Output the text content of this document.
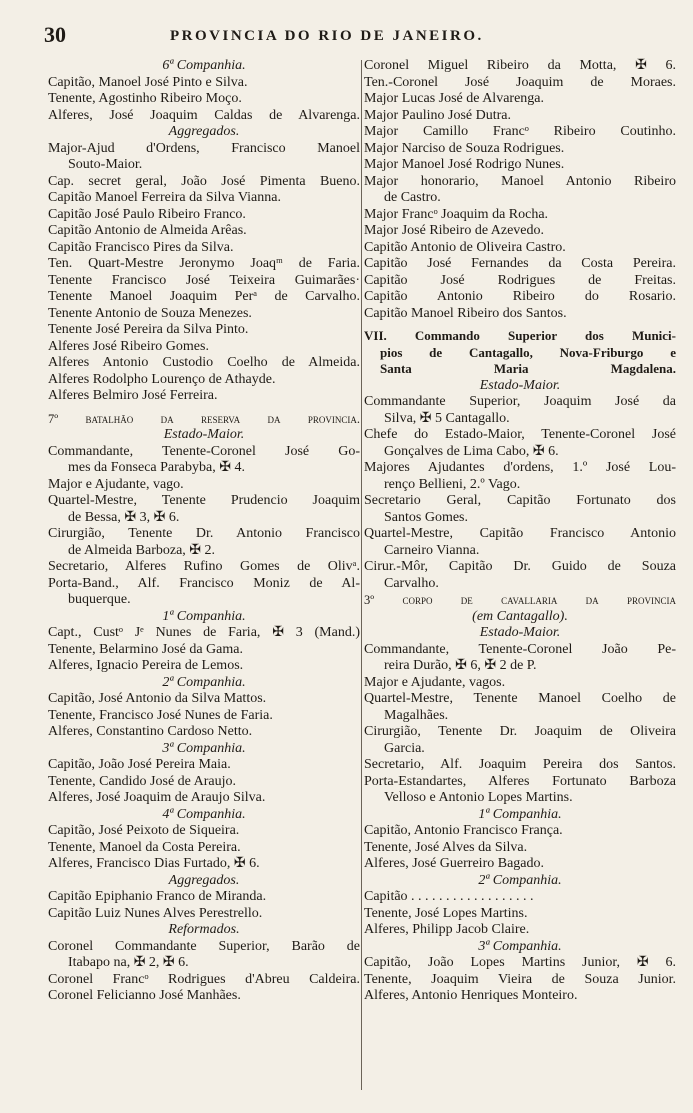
30	PROVINCIA DO RIO DE JANEIRO.
6ª Companhia.
Capitão, Manoel José Pinto e Silva.
Tenente, Agostinho Ribeiro Moço.
Alferes, José Joaquim Caldas de Alvarenga.
Aggregados.
Major-Ajud d'Ordens, Francisco Manoel
Souto-Maior.
Cap. secret geral, João José Pimenta Bueno.
Capitão Manoel Ferreira da Silva Vianna.
Capitão José Paulo Ribeiro Franco.
Capitão Antonio de Almeida Arêas.
Capitão Francisco Pires da Silva.
Ten. Quart-Mestre Jeronymo Joaqᵐ de Faria.
Tenente Francisco José Teixeira Guimarães·
Tenente Manoel Joaquim Perᵃ de Carvalho.
Tenente Antonio de Souza Menezes.
Tenente José Pereira da Silva Pinto.
Alferes José Ribeiro Gomes.
Alferes Antonio Custodio Coelho de Almeida.
Alferes Rodolpho Lourenço de Athayde.
Alferes Belmiro José Ferreira.
7º batalhão da reserva da provincia.
Estado-Maior.
Commandante, Tenente-Coronel José Go-
mes da Fonseca Parabyba, ✠ 4.
Major e Ajudante, vago.
Quartel-Mestre, Tenente Prudencio Joaquim
de Bessa, ✠ 3, ✠ 6.
Cirurgião, Tenente Dr. Antonio Francisco
de Almeida Barboza, ✠ 2.
Secretario, Alferes Rufino Gomes de Olivᵃ.
Porta-Band., Alf. Francisco Moniz de Al-
buquerque.
1ª Companhia.
Capt., Custᵒ Jᵉ Nunes de Faria, ✠ 3 (Mand.)
Tenente, Belarmino José da Gama.
Alferes, Ignacio Pereira de Lemos.
2ª Companhia.
Capitão, José Antonio da Silva Mattos.
Tenente, Francisco José Nunes de Faria.
Alferes, Constantino Cardoso Netto.
3ª Companhia.
Capitão, João José Pereira Maia.
Tenente, Candido José de Araujo.
Alferes, José Joaquim de Araujo Silva.
4ª Companhia.
Capitão, José Peixoto de Siqueira.
Tenente, Manoel da Costa Pereira.
Alferes, Francisco Dias Furtado, ✠ 6.
Aggregados.
Capitão Epiphanio Franco de Miranda.
Capitão Luiz Nunes Alves Perestrello.
Reformados.
Coronel Commandante Superior, Barão de
Itabapo na, ✠ 2, ✠ 6.
Coronel Francᵒ Rodrigues d'Abreu Caldeira.
Coronel Felicianno José Manhães.
Coronel Miguel Ribeiro da Motta, ✠ 6.
Ten.-Coronel José Joaquim de Moraes.
Major Lucas José de Alvarenga.
Major Paulino José Dutra.
Major Camillo Francᵒ Ribeiro Coutinho.
Major Narciso de Souza Rodrigues.
Major Manoel José Rodrigo Nunes.
Major honorario, Manoel Antonio Ribeiro
de Castro.
Major Francᵒ Joaquim da Rocha.
Major José Ribeiro de Azevedo.
Capitão Antonio de Oliveira Castro.
Capitão José Fernandes da Costa Pereira.
Capitão José Rodrigues de Freitas.
Capitão Antonio Ribeiro do Rosario.
Capitão Manoel Ribeiro dos Santos.
VII. Commando Superior dos Munici-
pios de Cantagallo, Nova-Friburgo e
Santa Maria Magdalena.
Estado-Maior.
Commandante Superior, Joaquim José da
Silva, ✠ 5 Cantagallo.
Chefe do Estado-Maior, Tenente-Coronel José
Gonçalves de Lima Cabo, ✠ 6.
Majores Ajudantes d'ordens, 1.º José Lou-
renço Bellieni, 2.º Vago.
Secretario Geral, Capitão Fortunato dos
Santos Gomes.
Quartel-Mestre, Capitão Francisco Antonio
Carneiro Vianna.
Cirur.-Môr, Capitão Dr. Guido de Souza
Carvalho.
3º corpo de cavallaria da provincia
(em Cantagallo).
Estado-Maior.
Commandante, Tenente-Coronel João Pe-
reira Durão, ✠ 6, ✠ 2 de P.
Major e Ajudante, vagos.
Quartel-Mestre, Tenente Manoel Coelho de
Magalhães.
Cirurgião, Tenente Dr. Joaquim de Oliveira
Garcia.
Secretario, Alf. Joaquim Pereira dos Santos.
Porta-Estandartes, Alferes Fortunato Barboza
Velloso e Antonio Lopes Martins.
1ª Companhia.
Capitão, Antonio Francisco França.
Tenente, José Alves da Silva.
Alferes, José Guerreiro Bagado.
2ª Companhia.
Capitão . . . . . . . . . . . . . . . . . .
Tenente, José Lopes Martins.
Alferes, Philipp Jacob Claire.
3ª Companhia.
Capitão, João Lopes Martins Junior, ✠ 6.
Tenente, Joaquim Vieira de Souza Junior.
Alferes, Antonio Henriques Monteiro.
